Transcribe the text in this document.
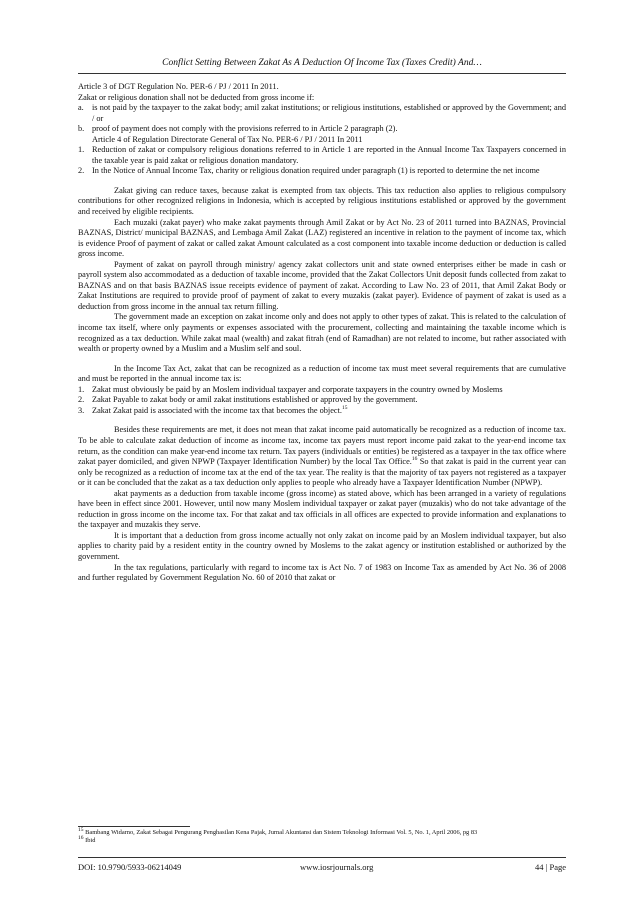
Conflict Setting Between Zakat As A Deduction Of Income Tax (Taxes Credit) And…

Article 3 of DGT Regulation No. PER-6 / PJ / 2011 In 2011.

Zakat or religious donation shall not be deducted from gross income if:

a. is not paid by the taxpayer to the zakat body; amil zakat institutions; or religious institutions, established or approved by the Government; and / or
b. proof of payment does not comply with the provisions referred to in Article 2 paragraph (2).
Article 4 of Regulation Directorate General of Tax No. PER-6 / PJ / 2011 In 2011
1. Reduction of zakat or compulsory religious donations referred to in Article 1 are reported in the Annual Income Tax Taxpayers concerned in the taxable year is paid zakat or religious donation mandatory.
2. In the Notice of Annual Income Tax, charity or religious donation required under paragraph (1) is reported to determine the net income

Zakat giving can reduce taxes, because zakat is exempted from tax objects. This tax reduction also applies to religious compulsory contributions for other recognized religions in Indonesia, which is accepted by religious institutions established or approved by the government and received by eligible recipients.

Each muzaki (zakat payer) who make zakat payments through Amil Zakat or by Act No. 23 of 2011 turned into BAZNAS, Provincial BAZNAS, District/ municipal BAZNAS, and Lembaga Amil Zakat (LAZ) registered an incentive in relation to the payment of income tax, which is evidence Proof of payment of zakat or called zakat Amount calculated as a cost component into taxable income deduction or deduction is called gross income.

Payment of zakat on payroll through ministry/ agency zakat collectors unit and state owned enterprises either be made in cash or payroll system also accommodated as a deduction of taxable income, provided that the Zakat Collectors Unit deposit funds collected from zakat to BAZNAS and on that basis BAZNAS issue receipts evidence of payment of zakat. According to Law No. 23 of 2011, that Amil Zakat Body or Zakat Institutions are required to provide proof of payment of zakat to every muzakis (zakat payer). Evidence of payment of zakat is used as a deduction from gross income in the annual tax return filling.

The government made an exception on zakat income only and does not apply to other types of zakat. This is related to the calculation of income tax itself, where only payments or expenses associated with the procurement, collecting and maintaining the taxable income which is recognized as a tax deduction. While zakat maal (wealth) and zakat fitrah (end of Ramadhan) are not related to income, but rather associated with wealth or property owned by a Muslim and a Muslim self and soul.

In the Income Tax Act, zakat that can be recognized as a reduction of income tax must meet several requirements that are cumulative and must be reported in the annual income tax is:

1. Zakat must obviously be paid by an Moslem individual taxpayer and corporate taxpayers in the country owned by Moslems
2. Zakat Payable to zakat body or amil zakat institutions established or approved by the government.
3. Zakat Zakat paid is associated with the income tax that becomes the object.$^{15}$

Besides these requirements are met, it does not mean that zakat income paid automatically be recognized as a reduction of income tax. To be able to calculate zakat deduction of income as income tax, income tax payers must report income paid zakat to the year-end income tax return, as the condition can make year-end income tax return. Tax payers (individuals or entities) be registered as a taxpayer in the tax office where zakat payer domiciled, and given NPWP (Taxpayer Identification Number) by the local Tax Office.$^{16}$ So that zakat is paid in the current year can only be recognized as a reduction of income tax at the end of the tax year. The reality is that the majority of tax payers not registered as a taxpayer or it can be concluded that the zakat as a tax deduction only applies to people who already have a Taxpayer Identification Number (NPWP).

akat payments as a deduction from taxable income (gross income) as stated above, which has been arranged in a variety of regulations have been in effect since 2001. However, until now many Moslem individual taxpayer or zakat payer (muzakis) who do not take advantage of the reduction in gross income on the income tax. For that zakat and tax officials in all offices are expected to provide information and explanations to the taxpayer and muzakis they serve.

It is important that a deduction from gross income actually not only zakat on income paid by an Moslem individual taxpayer, but also applies to charity paid by a resident entity in the country owned by Moslems to the zakat agency or institution established or authorized by the government.

In the tax regulations, particularly with regard to income tax is Act No. 7 of 1983 on Income Tax as amended by Act No. 36 of 2008 and further regulated by Government Regulation No. 60 of 2010 that zakat or

$^{15}$ Bambang Widarno, Zakat Sebagai Pengurang Penghasilan Kena Pajak, Jurnal Akuntansi dan Sistem Teknologi Informasi Vol. 5, No. 1, April 2006, pg 83

$^{16}$ Ibid

DOI: 10.9790/5933-06214049	www.iosrjournals.org	44 | Page
